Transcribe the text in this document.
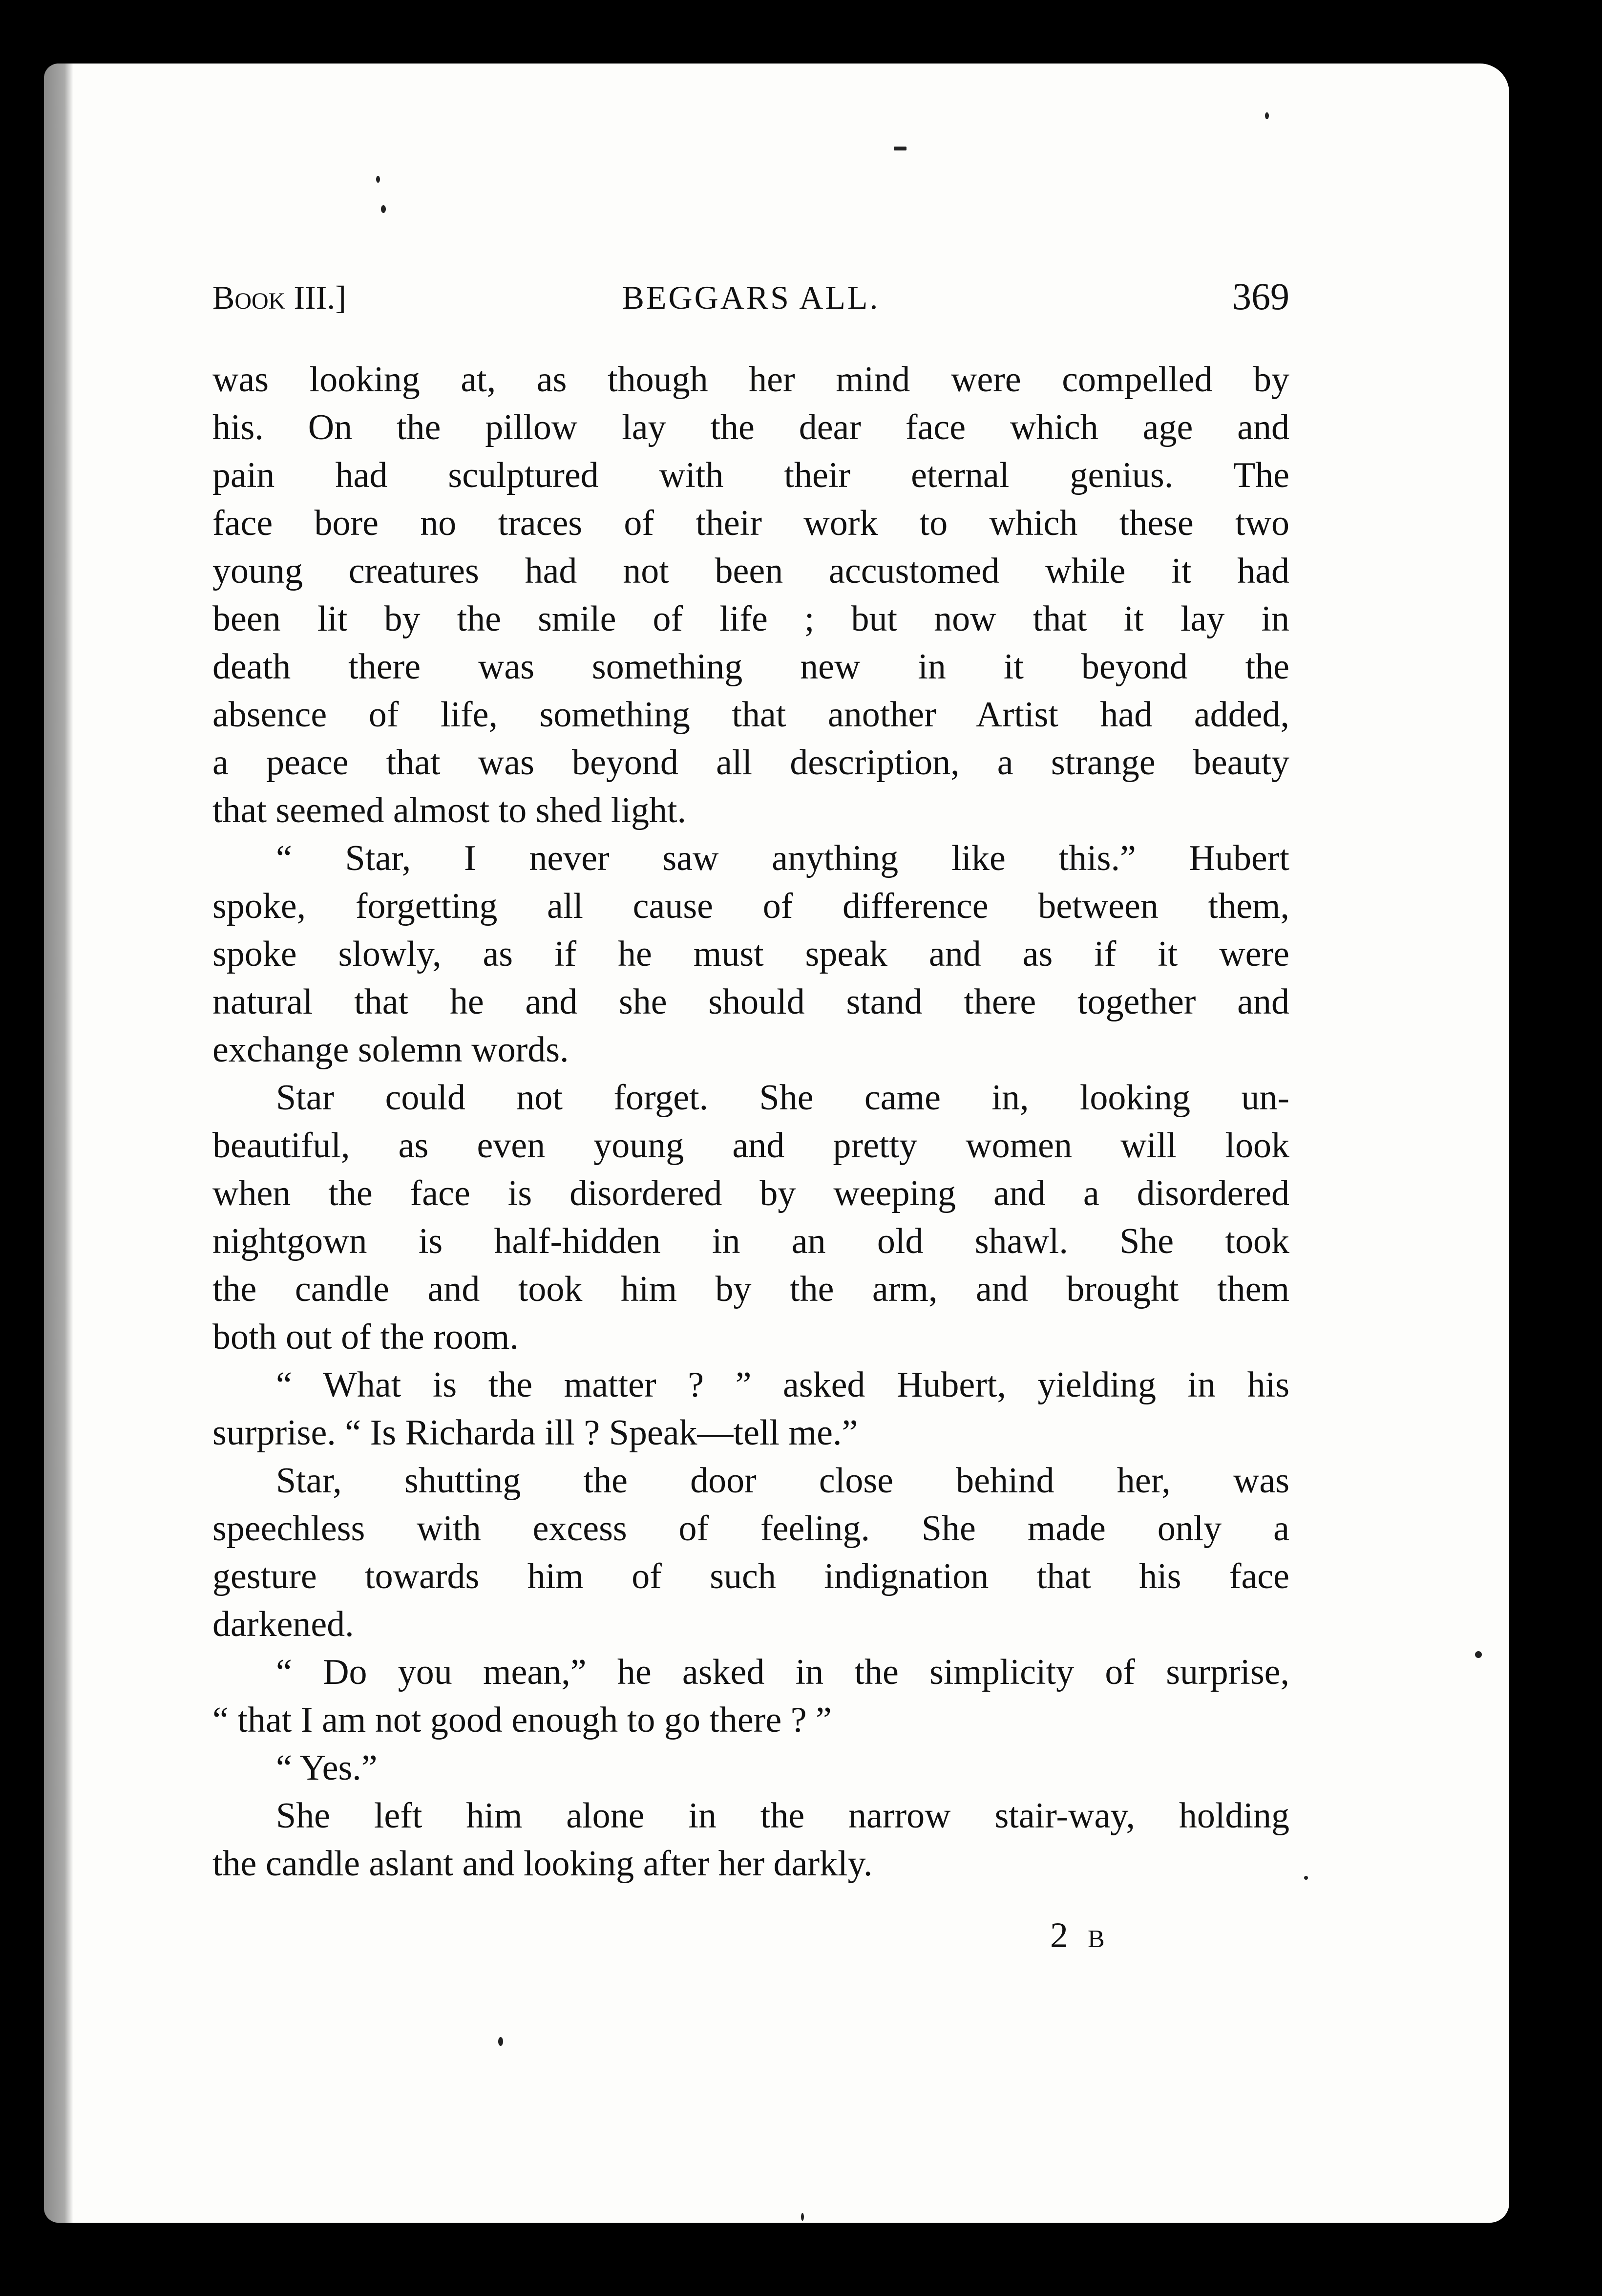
Book III.]	BEGGARS ALL.	369
was looking at, as though her mind were compelled by
his. On the pillow lay the dear face which age and
pain had sculptured with their eternal genius. The
face bore no traces of their work to which these two
young creatures had not been accustomed while it had
been lit by the smile of life ; but now that it lay in
death there was something new in it beyond the
absence of life, something that another Artist had added,
a peace that was beyond all description, a strange beauty
that seemed almost to shed light.
“ Star, I never saw anything like this.” Hubert
spoke, forgetting all cause of difference between them,
spoke slowly, as if he must speak and as if it were
natural that he and she should stand there together and
exchange solemn words.
Star could not forget. She came in, looking un-
beautiful, as even young and pretty women will look
when the face is disordered by weeping and a disordered
nightgown is half-hidden in an old shawl. She took
the candle and took him by the arm, and brought them
both out of the room.
“ What is the matter ? ” asked Hubert, yielding in his
surprise. “ Is Richarda ill ? Speak—tell me.”
Star, shutting the door close behind her, was
speechless with excess of feeling. She made only a
gesture towards him of such indignation that his face
darkened.
“ Do you mean,” he asked in the simplicity of surprise,
“ that I am not good enough to go there ? ”
“ Yes.”
She left him alone in the narrow stair-way, holding
the candle aslant and looking after her darkly.
2 B
